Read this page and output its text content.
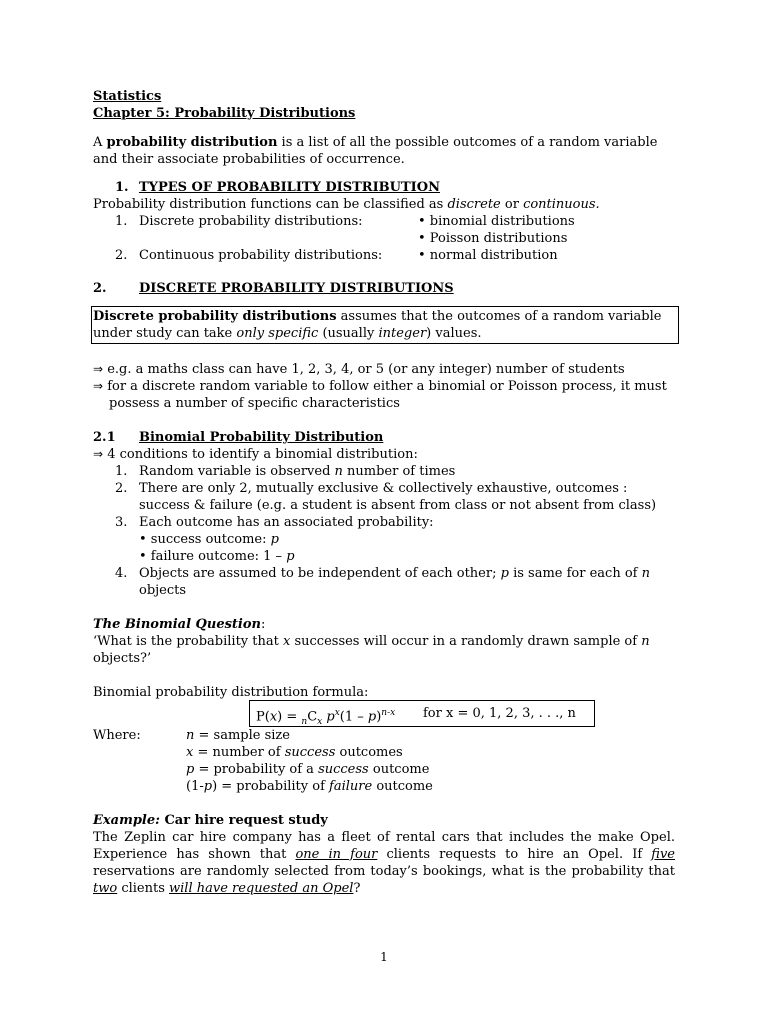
Statistics
Chapter 5: Probability Distributions

A probability distribution is a list of all the possible outcomes of a random variable
and their associate probabilities of occurrence.

1. TYPES OF PROBABILITY DISTRIBUTION
Probability distribution functions can be classified as discrete or continuous.
1. Discrete probability distributions:	• binomial distributions
• Poisson distributions
2. Continuous probability distributions:	• normal distribution
2. DISCRETE PROBABILITY DISTRIBUTIONS
Discrete probability distributions assumes that the outcomes of a random variable
under study can take only specific (usually integer) values.
⇒ e.g. a maths class can have 1, 2, 3, 4, or 5 (or any integer) number of students
⇒ for a discrete random variable to follow either a binomial or Poisson process, it must
possess a number of specific characteristics
2.1 Binomial Probability Distribution
⇒ 4 conditions to identify a binomial distribution:
1. Random variable is observed n number of times
2. There are only 2, mutually exclusive & collectively exhaustive, outcomes :
success & failure (e.g. a student is absent from class or not absent from class)
3. Each outcome has an associated probability:
• success outcome: p
• failure outcome: 1 – p
4. Objects are assumed to be independent of each other; p is same for each of n
objects
The Binomial Question:
‘What is the probability that x successes will occur in a randomly drawn sample of n
objects?’
Binomial probability distribution formula:
$P(x) = _nC_x$ $p^x(1 - p)^{n-x}$ for x = 0, 1, 2, 3, . . ., n
Where:	n = sample size
x = number of success outcomes
p = probability of a success outcome
(1-p) = probability of failure outcome
Example: Car hire request study
The Zeplin car hire company has a fleet of rental cars that includes the make Opel.
Experience has shown that one in four clients requests to hire an Opel. If five
reservations are randomly selected from today’s bookings, what is the probability that
two clients will have requested an Opel?
1
